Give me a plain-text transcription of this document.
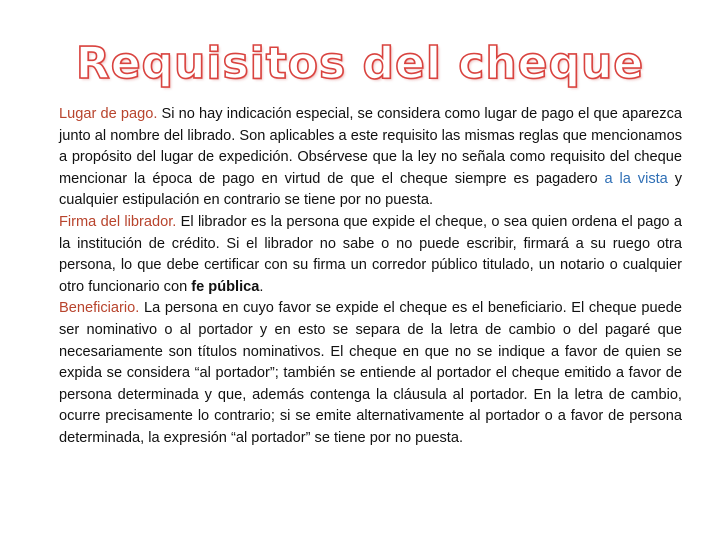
Requisitos del cheque

Lugar de pago. Si no hay indicación especial, se considera como lugar de pago el que aparezca junto al nombre del librado. Son aplicables a este requisito las mismas reglas que mencionamos a propósito del lugar de expedición. Obsérvese que la ley no señala como requisito del cheque mencionar la época de pago en virtud de que el cheque siempre es pagadero a la vista y cualquier estipulación en contrario se tiene por no puesta.

Firma del librador. El librador es la persona que expide el cheque, o sea quien ordena el pago a la institución de crédito. Si el librador no sabe o no puede escribir, firmará a su ruego otra persona, lo que debe certificar con su firma un corredor público titulado, un notario o cualquier otro funcionario con fe pública.

Beneficiario. La persona en cuyo favor se expide el cheque es el beneficiario. El cheque puede ser nominativo o al portador y en esto se separa de la letra de cambio o del pagaré que necesariamente son títulos nominativos. El cheque en que no se indique a favor de quien se expida se considera “al portador”; también se entiende al portador el cheque emitido a favor de persona determinada y que, además contenga la cláusula al portador. En la letra de cambio, ocurre precisamente lo contrario; si se emite alternativamente al portador o a favor de persona determinada, la expresión “al portador” se tiene por no puesta.
